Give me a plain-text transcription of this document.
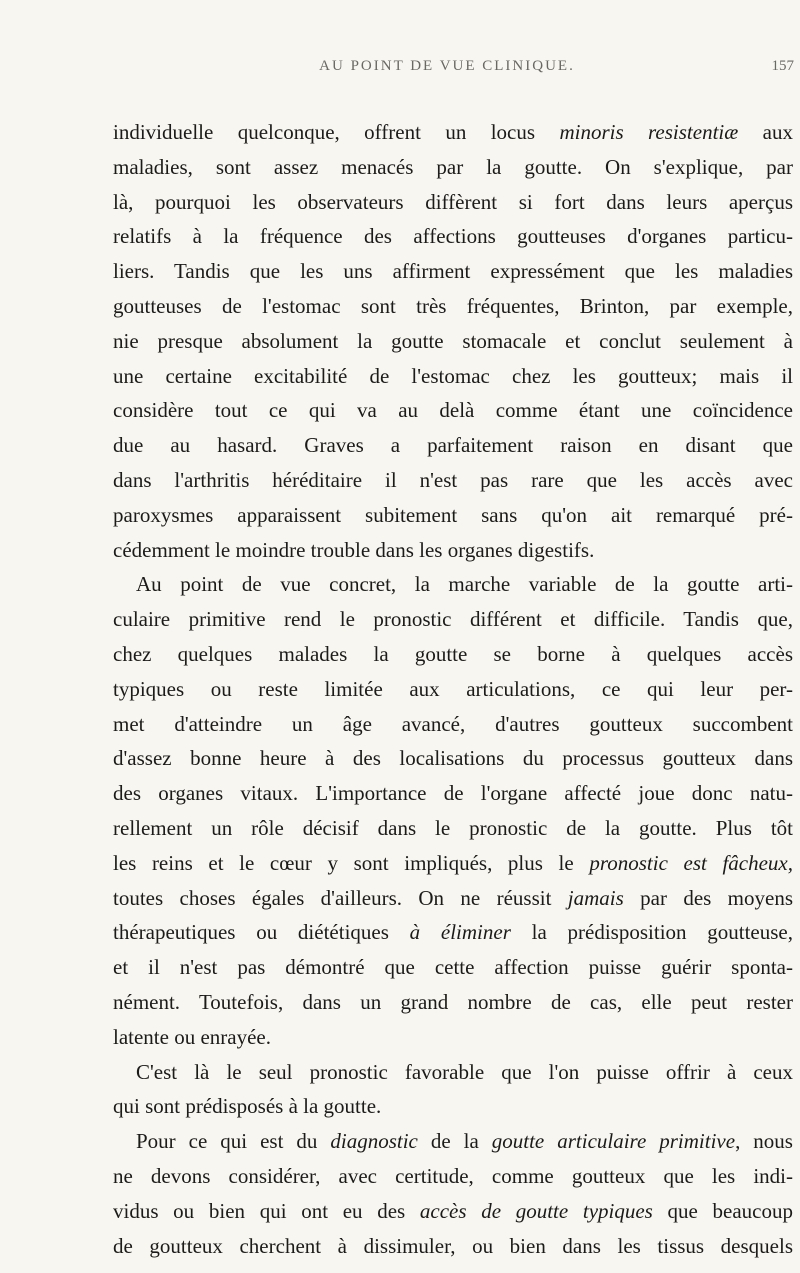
AU POINT DE VUE CLINIQUE.	157
individuelle quelconque, offrent un locus minoris resistentiæ aux
maladies, sont assez menacés par la goutte. On s'explique, par
là, pourquoi les observateurs diffèrent si fort dans leurs aperçus
relatifs à la fréquence des affections goutteuses d'organes particu-
liers. Tandis que les uns affirment expressément que les maladies
goutteuses de l'estomac sont très fréquentes, Brinton, par exemple,
nie presque absolument la goutte stomacale et conclut seulement à
une certaine excitabilité de l'estomac chez les goutteux; mais il
considère tout ce qui va au delà comme étant une coïncidence
due au hasard. Graves a parfaitement raison en disant que
dans l'arthritis héréditaire il n'est pas rare que les accès avec
paroxysmes apparaissent subitement sans qu'on ait remarqué pré-
cédemment le moindre trouble dans les organes digestifs.
Au point de vue concret, la marche variable de la goutte arti-
culaire primitive rend le pronostic différent et difficile. Tandis que,
chez quelques malades la goutte se borne à quelques accès
typiques ou reste limitée aux articulations, ce qui leur per-
met d'atteindre un âge avancé, d'autres goutteux succombent
d'assez bonne heure à des localisations du processus goutteux dans
des organes vitaux. L'importance de l'organe affecté joue donc natu-
rellement un rôle décisif dans le pronostic de la goutte. Plus tôt
les reins et le cœur y sont impliqués, plus le pronostic est fâcheux,
toutes choses égales d'ailleurs. On ne réussit jamais par des moyens
thérapeutiques ou diététiques à éliminer la prédisposition goutteuse,
et il n'est pas démontré que cette affection puisse guérir sponta-
nément. Toutefois, dans un grand nombre de cas, elle peut rester
latente ou enrayée.
C'est là le seul pronostic favorable que l'on puisse offrir à ceux
qui sont prédisposés à la goutte.
Pour ce qui est du diagnostic de la goutte articulaire primitive, nous
ne devons considérer, avec certitude, comme goutteux que les indi-
vidus ou bien qui ont eu des accès de goutte typiques que beaucoup
de goutteux cherchent à dissimuler, ou bien dans les tissus desquels
